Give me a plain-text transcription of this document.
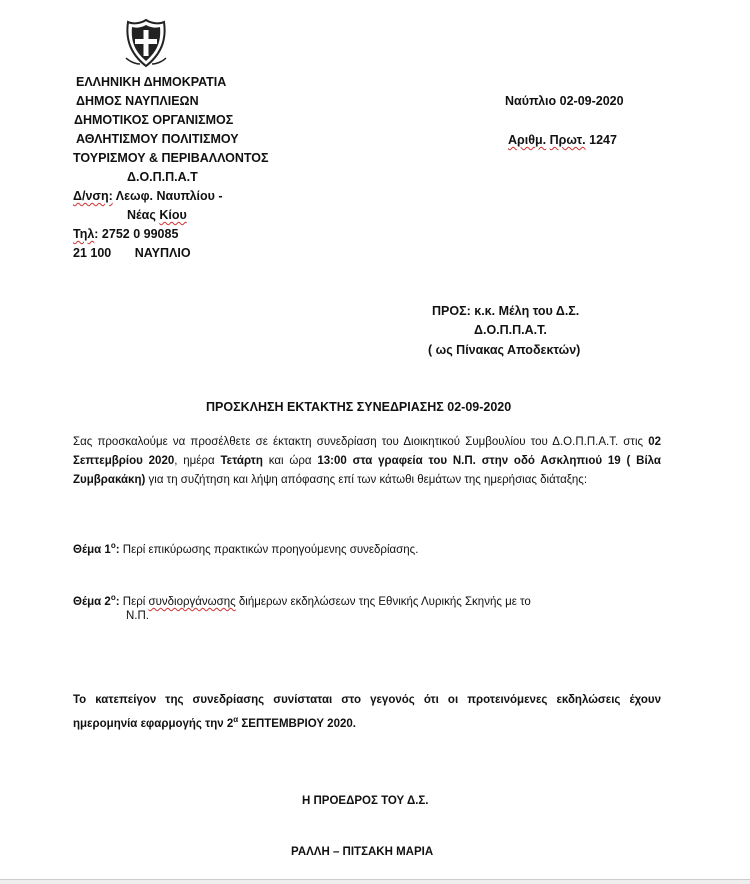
ΕΛΛΗΝΙΚΗ ΔΗΜΟΚΡΑΤΙΑ
ΔΗΜΟΣ ΝΑΥΠΛΙΕΩΝ
ΔΗΜΟΤΙΚΟΣ ΟΡΓΑΝΙΣΜΟΣ
ΑΘΛΗΤΙΣΜΟΥ ΠΟΛΙΤΙΣΜΟΥ
ΤΟΥΡΙΣΜΟΥ & ΠΕΡΙΒΑΛΛΟΝΤΟΣ
Δ.Ο.Π.Π.Α.Τ
Δ/νση: Λεωφ. Ναυπλίου -
Νέας Κίου
Τηλ: 2752 0 99085
21 100 ΝΑΥΠΛΙΟ
Ναύπλιο 02-09-2020
Αριθμ. Πρωτ. 1247
ΠΡΟΣ: κ.κ. Μέλη του Δ.Σ.
Δ.Ο.Π.Π.Α.Τ.
( ως Πίνακας Αποδεκτών)
ΠΡΟΣΚΛΗΣΗ ΕΚΤΑΚΤΗΣ ΣΥΝΕΔΡΙΑΣΗΣ 02-09-2020
Σας προσκαλούμε να προσέλθετε σε έκτακτη συνεδρίαση του Διοικητικού Συμβουλίου του Δ.Ο.Π.Π.Α.Τ. στις 02 Σεπτεμβρίου 2020, ημέρα Τετάρτη και ώρα 13:00 στα γραφεία του Ν.Π. στην οδό Ασκληπιού 19 ( Βίλα Ζυμβρακάκη) για τη συζήτηση και λήψη απόφασης επί των κάτωθι θεμάτων της ημερήσιας διάταξης:
Θέμα $1^o$: Περί επικύρωσης πρακτικών προηγούμενης συνεδρίασης.
Θέμα $2^o$: Περί συνδιοργάνωσης διήμερων εκδηλώσεων της Εθνικής Λυρικής Σκηνής με το
Ν.Π.
Το κατεπείγον της συνεδρίασης συνίσταται στο γεγονός ότι οι προτεινόμενες εκδηλώσεις έχουν ημερομηνία εφαρμογής την $2^\alpha$ ΣΕΠΤΕΜΒΡΙΟΥ 2020.
Η ΠΡΟΕΔΡΟΣ ΤΟΥ Δ.Σ.
ΡΑΛΛΗ – ΠΙΤΣΑΚΗ ΜΑΡΙΑ
